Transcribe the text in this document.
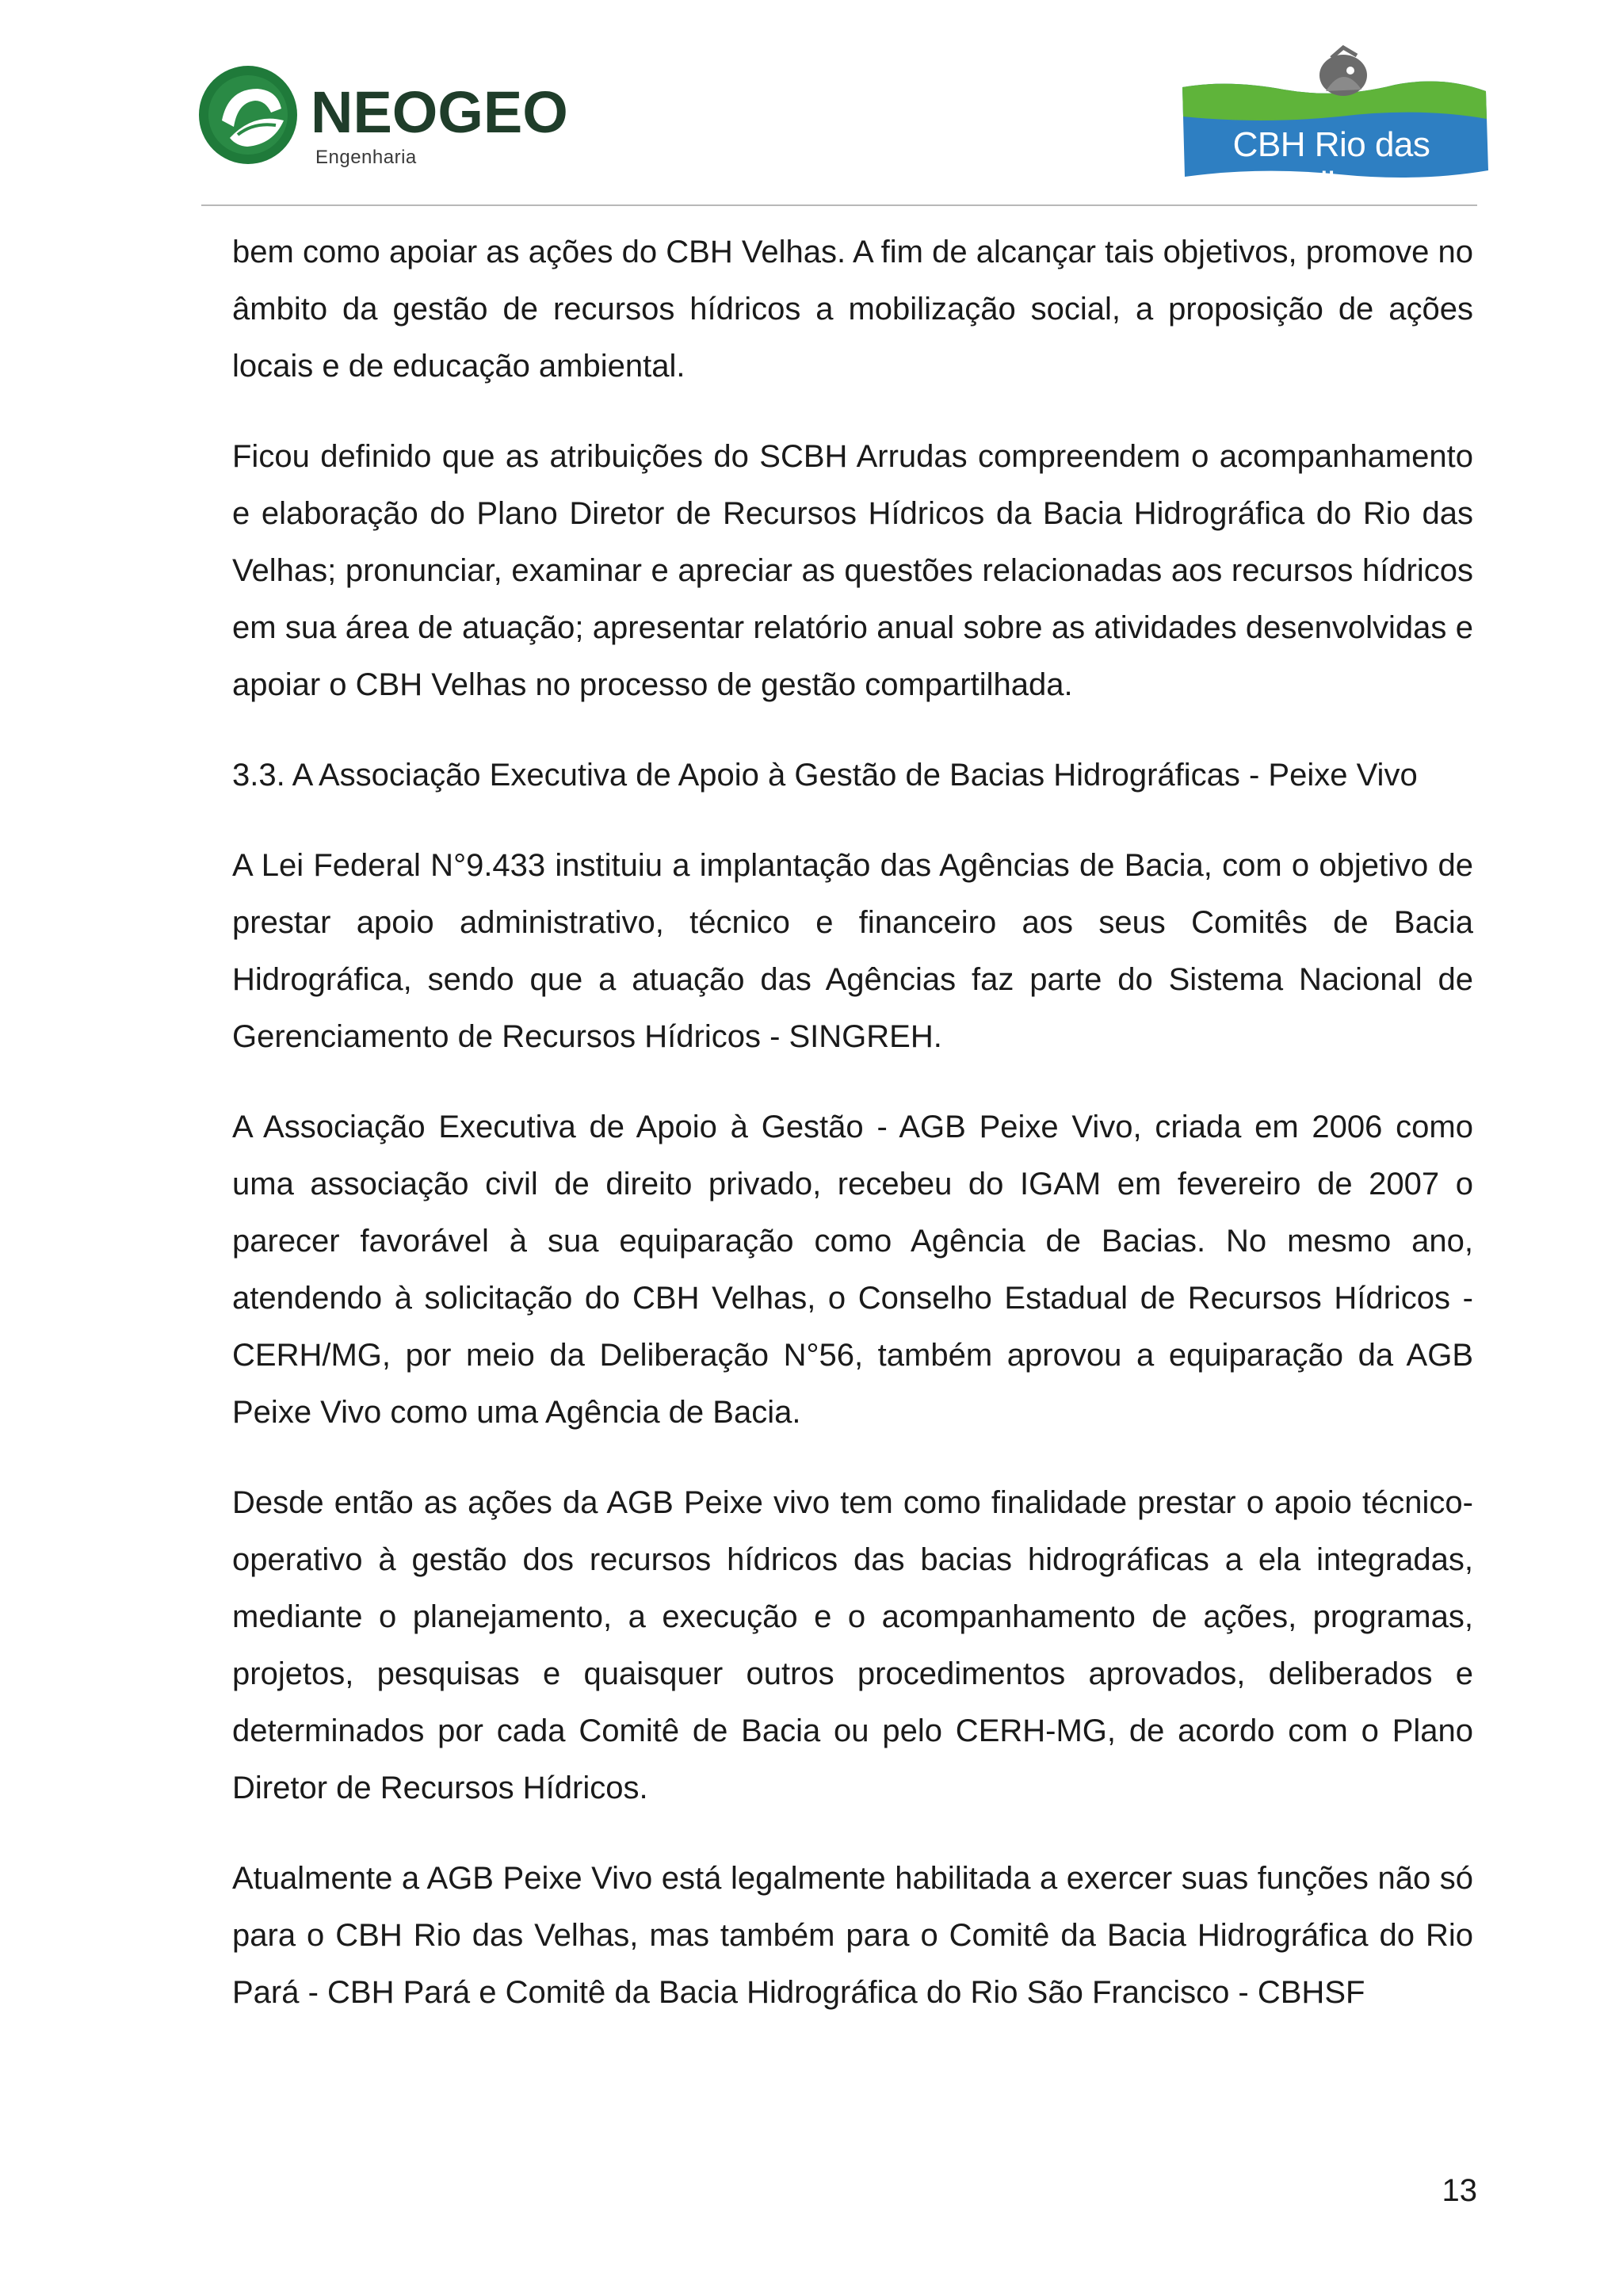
NEOGEO
Engenharia	CBH Rio das Velhas

bem como apoiar as ações do CBH Velhas. A fim de alcançar tais objetivos, promove no âmbito da gestão de recursos hídricos a mobilização social, a proposição de ações locais e de educação ambiental.

Ficou definido que as atribuições do SCBH Arrudas compreendem o acompanhamento e elaboração do Plano Diretor de Recursos Hídricos da Bacia Hidrográfica do Rio das Velhas; pronunciar, examinar e apreciar as questões relacionadas aos recursos hídricos em sua área de atuação; apresentar relatório anual sobre as atividades desenvolvidas e apoiar o CBH Velhas no processo de gestão compartilhada.

3.3. A Associação Executiva de Apoio à Gestão de Bacias Hidrográficas - Peixe Vivo

A Lei Federal N°9.433 instituiu a implantação das Agências de Bacia, com o objetivo de prestar apoio administrativo, técnico e financeiro aos seus Comitês de Bacia Hidrográfica, sendo que a atuação das Agências faz parte do Sistema Nacional de Gerenciamento de Recursos Hídricos - SINGREH.

A Associação Executiva de Apoio à Gestão - AGB Peixe Vivo, criada em 2006 como uma associação civil de direito privado, recebeu do IGAM em fevereiro de 2007 o parecer favorável à sua equiparação como Agência de Bacias. No mesmo ano, atendendo à solicitação do CBH Velhas, o Conselho Estadual de Recursos Hídricos - CERH/MG, por meio da Deliberação N°56, também aprovou a equiparação da AGB Peixe Vivo como uma Agência de Bacia.

Desde então as ações da AGB Peixe vivo tem como finalidade prestar o apoio técnico-operativo à gestão dos recursos hídricos das bacias hidrográficas a ela integradas, mediante o planejamento, a execução e o acompanhamento de ações, programas, projetos, pesquisas e quaisquer outros procedimentos aprovados, deliberados e determinados por cada Comitê de Bacia ou pelo CERH-MG, de acordo com o Plano Diretor de Recursos Hídricos.

Atualmente a AGB Peixe Vivo está legalmente habilitada a exercer suas funções não só para o CBH Rio das Velhas, mas também para o Comitê da Bacia Hidrográfica do Rio Pará - CBH Pará e Comitê da Bacia Hidrográfica do Rio São Francisco - CBHSF

13
